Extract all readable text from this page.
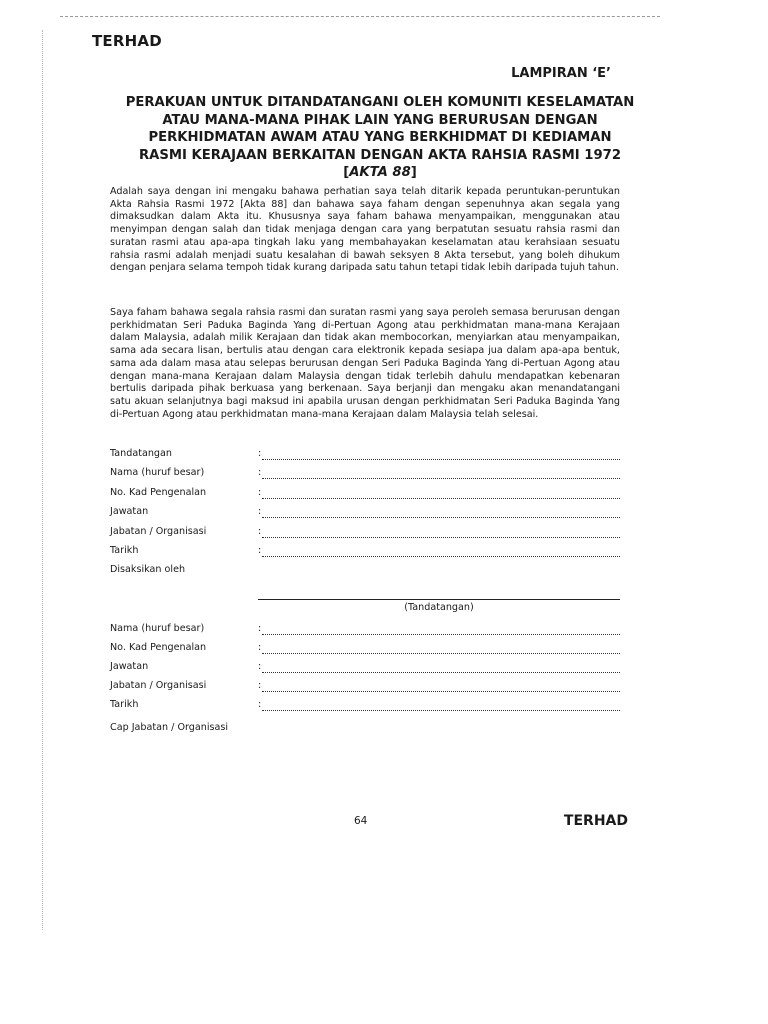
TERHAD
LAMPIRAN ‘E’
PERAKUAN UNTUK DITANDATANGANI OLEH KOMUNITI KESELAMATAN
ATAU MANA-MANA PIHAK LAIN YANG BERURUSAN DENGAN
PERKHIDMATAN AWAM ATAU YANG BERKHIDMAT DI KEDIAMAN
RASMI KERAJAAN BERKAITAN DENGAN AKTA RAHSIA RASMI 1972
[AKTA 88]
Adalah saya dengan ini mengaku bahawa perhatian saya telah ditarik kepada peruntukan-peruntukan Akta Rahsia Rasmi 1972 [Akta 88] dan bahawa saya faham dengan sepenuhnya akan segala yang dimaksudkan dalam Akta itu. Khususnya saya faham bahawa menyampaikan, menggunakan atau menyimpan dengan salah dan tidak menjaga dengan cara yang berpatutan sesuatu rahsia rasmi dan suratan rasmi atau apa-apa tingkah laku yang membahayakan keselamatan atau kerahsiaan sesuatu rahsia rasmi adalah menjadi suatu kesalahan di bawah seksyen 8 Akta tersebut, yang boleh dihukum dengan penjara selama tempoh tidak kurang daripada satu tahun tetapi tidak lebih daripada tujuh tahun.
Saya faham bahawa segala rahsia rasmi dan suratan rasmi yang saya peroleh semasa berurusan dengan perkhidmatan Seri Paduka Baginda Yang di-Pertuan Agong atau perkhidmatan mana-mana Kerajaan dalam Malaysia, adalah milik Kerajaan dan tidak akan membocorkan, menyiarkan atau menyampaikan, sama ada secara lisan, bertulis atau dengan cara elektronik kepada sesiapa jua dalam apa-apa bentuk, sama ada dalam masa atau selepas berurusan dengan Seri Paduka Baginda Yang di-Pertuan Agong atau dengan mana-mana Kerajaan dalam Malaysia dengan tidak terlebih dahulu mendapatkan kebenaran bertulis daripada pihak berkuasa yang berkenaan. Saya berjanji dan mengaku akan menandatangani satu akuan selanjutnya bagi maksud ini apabila urusan dengan perkhidmatan Seri Paduka Baginda Yang di-Pertuan Agong atau perkhidmatan mana-mana Kerajaan dalam Malaysia telah selesai.
Tandatangan	:
Nama (huruf besar)	:
No. Kad Pengenalan	:
Jawatan	:
Jabatan / Organisasi	:
Tarikh	:
Disaksikan oleh
(Tandatangan)
Nama (huruf besar)	:
No. Kad Pengenalan	:
Jawatan	:
Jabatan / Organisasi	:
Tarikh	:
Cap Jabatan / Organisasi
64	TERHAD
